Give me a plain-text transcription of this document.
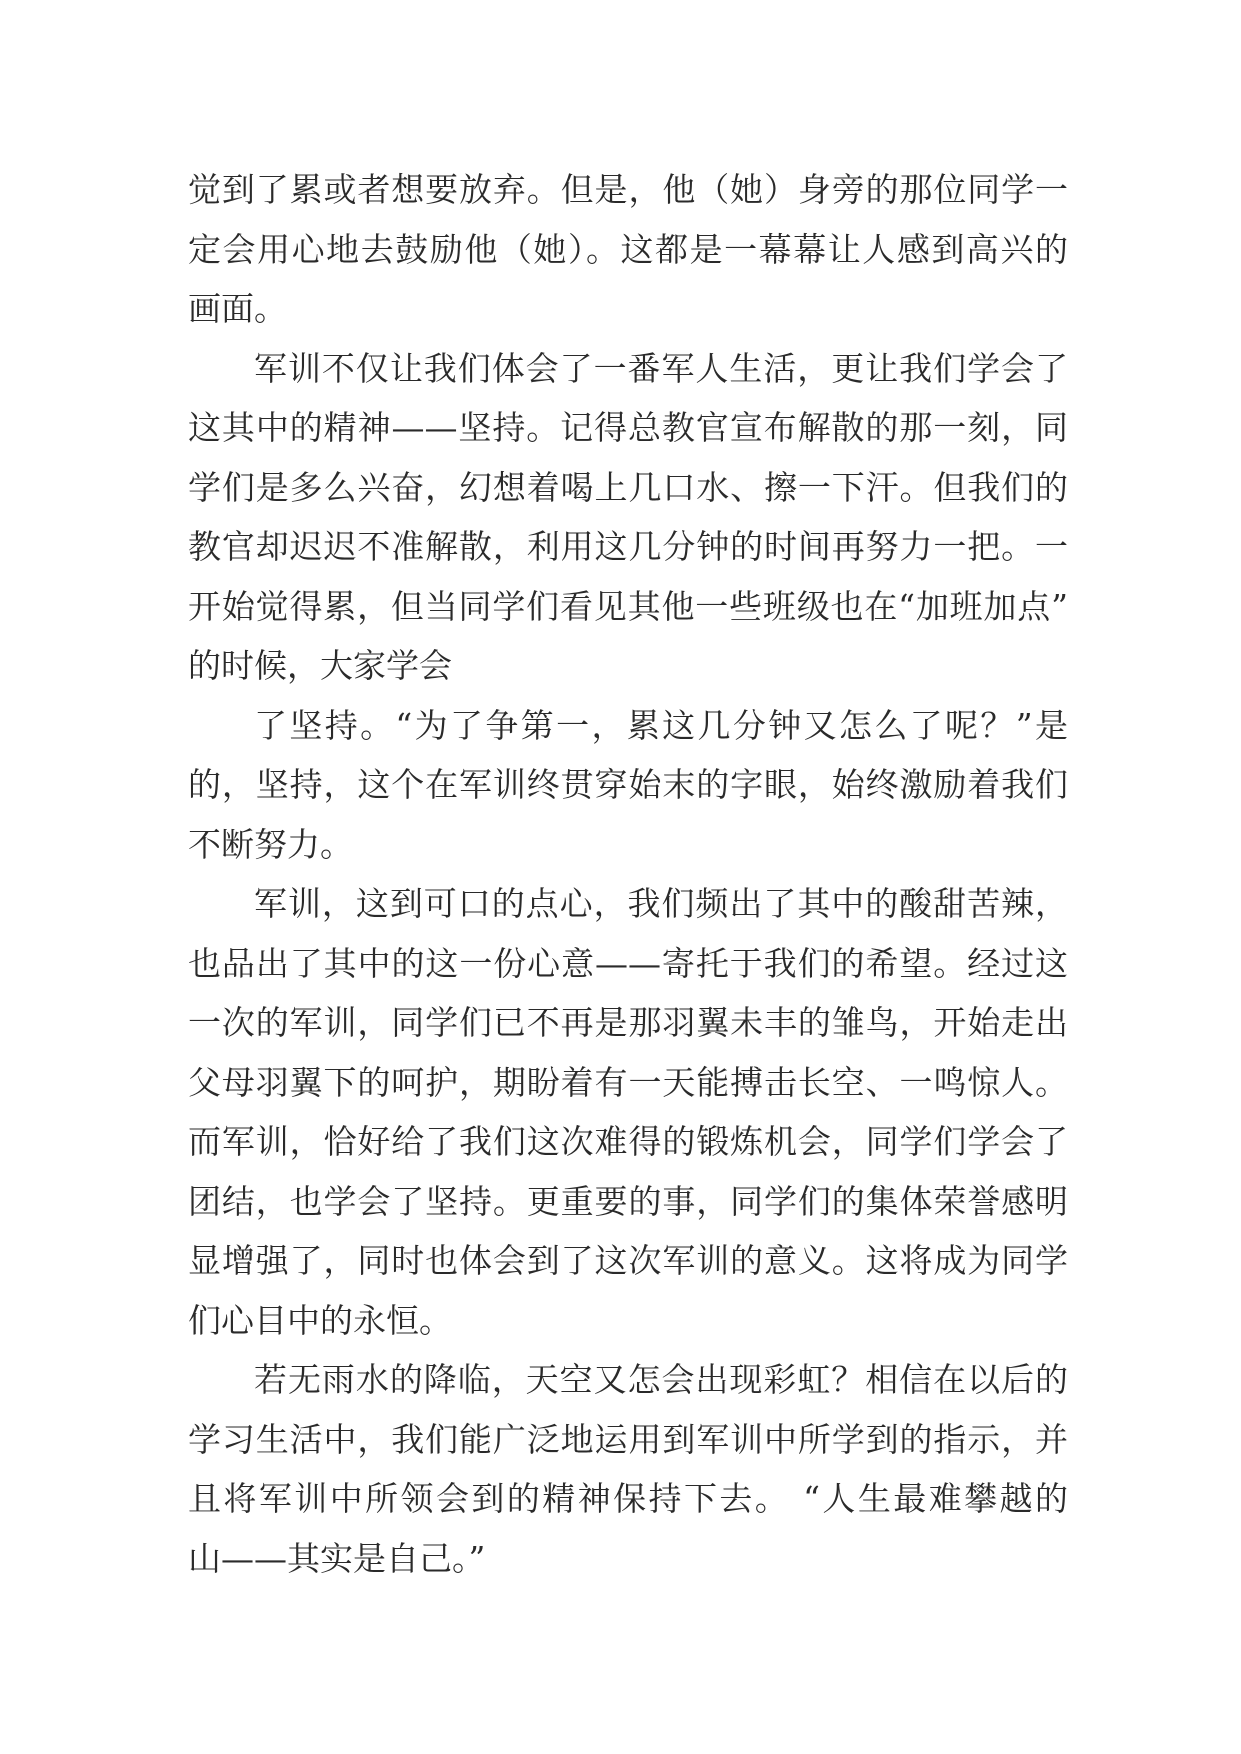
觉到了累或者想要放弃。但是，他（她）身旁的那位同学一
定会用心地去鼓励他（她）。这都是一幕幕让人感到高兴的
画面。
军训不仅让我们体会了一番军人生活，更让我们学会了
这其中的精神——坚持。记得总教官宣布解散的那一刻，同
学们是多么兴奋，幻想着喝上几口水、擦一下汗。但我们的
教官却迟迟不准解散，利用这几分钟的时间再努力一把。一
开始觉得累，但当同学们看见其他一些班级也在“加班加点”
的时候，大家学会
了坚持。“为了争第一，累这几分钟又怎么了呢？”是
的，坚持，这个在军训终贯穿始末的字眼，始终激励着我们
不断努力。
军训，这到可口的点心，我们频出了其中的酸甜苦辣，
也品出了其中的这一份心意——寄托于我们的希望。经过这
一次的军训，同学们已不再是那羽翼未丰的雏鸟，开始走出
父母羽翼下的呵护，期盼着有一天能搏击长空、一鸣惊人。
而军训，恰好给了我们这次难得的锻炼机会，同学们学会了
团结，也学会了坚持。更重要的事，同学们的集体荣誉感明
显增强了，同时也体会到了这次军训的意义。这将成为同学
们心目中的永恒。
若无雨水的降临，天空又怎会出现彩虹？相信在以后的
学习生活中，我们能广泛地运用到军训中所学到的指示，并
且将军训中所领会到的精神保持下去。 “人生最难攀越的
山——其实是自己。”
